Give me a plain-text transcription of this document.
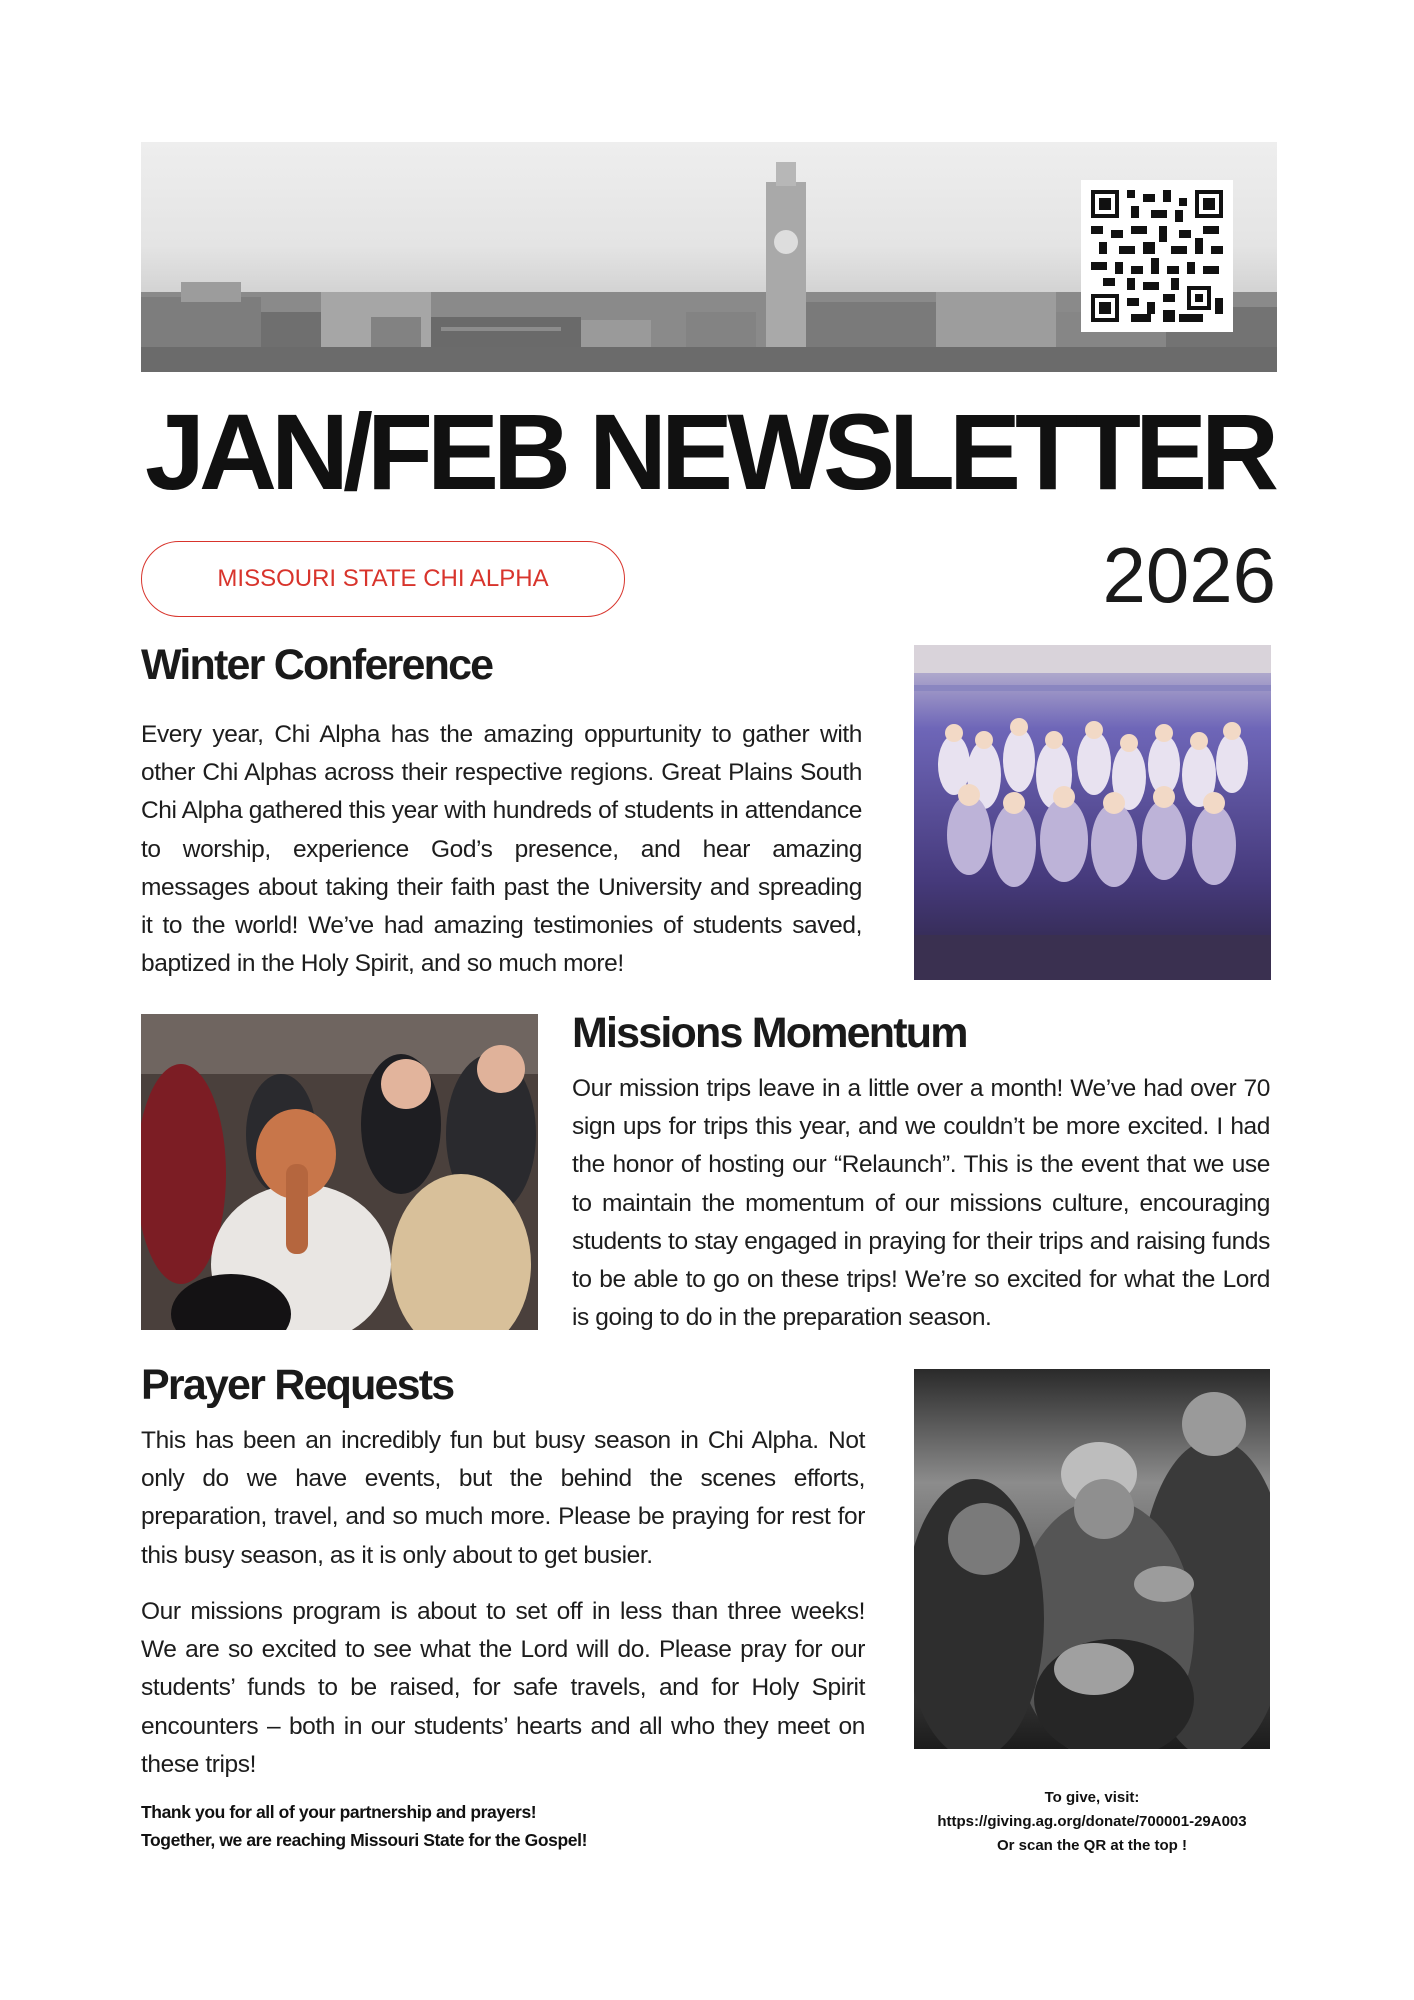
JAN/FEB NEWSLETTER
MISSOURI STATE CHI ALPHA	2026
Winter Conference

Every year, Chi Alpha has the amazing oppurtunity to gather with other Chi Alphas across their respective regions. Great Plains South Chi Alpha gathered this year with hundreds of students in attendance to worship, experience God’s presence, and hear amazing messages about taking their faith past the University and spreading it to the world! We’ve had amazing testimonies of students saved, baptized in the Holy Spirit, and so much more!

Missions Momentum

Our mission trips leave in a little over a month! We’ve had over 70 sign ups for trips this year, and we couldn’t be more excited. I had the honor of hosting our “Relaunch”. This is the event that we use to maintain the momentum of our missions culture, encouraging students to stay engaged in praying for their trips and raising funds to be able to go on these trips! We’re so excited for what the Lord is going to do in the preparation season.

Prayer Requests

This has been an incredibly fun but busy season in Chi Alpha. Not only do we have events, but the behind the scenes efforts, preparation, travel, and so much more. Please be praying for rest for this busy season, as it is only about to get busier.

Our missions program is about to set off in less than three weeks! We are so excited to see what the Lord will do. Please pray for our students’ funds to be raised, for safe travels, and for Holy Spirit encounters – both in our students’ hearts and all who they meet on these trips!

Thank you for all of your partnership and prayers!
Together, we are reaching Missouri State for the Gospel!
To give, visit:
https://giving.ag.org/donate/700001-29A003
Or scan the QR at the top !
